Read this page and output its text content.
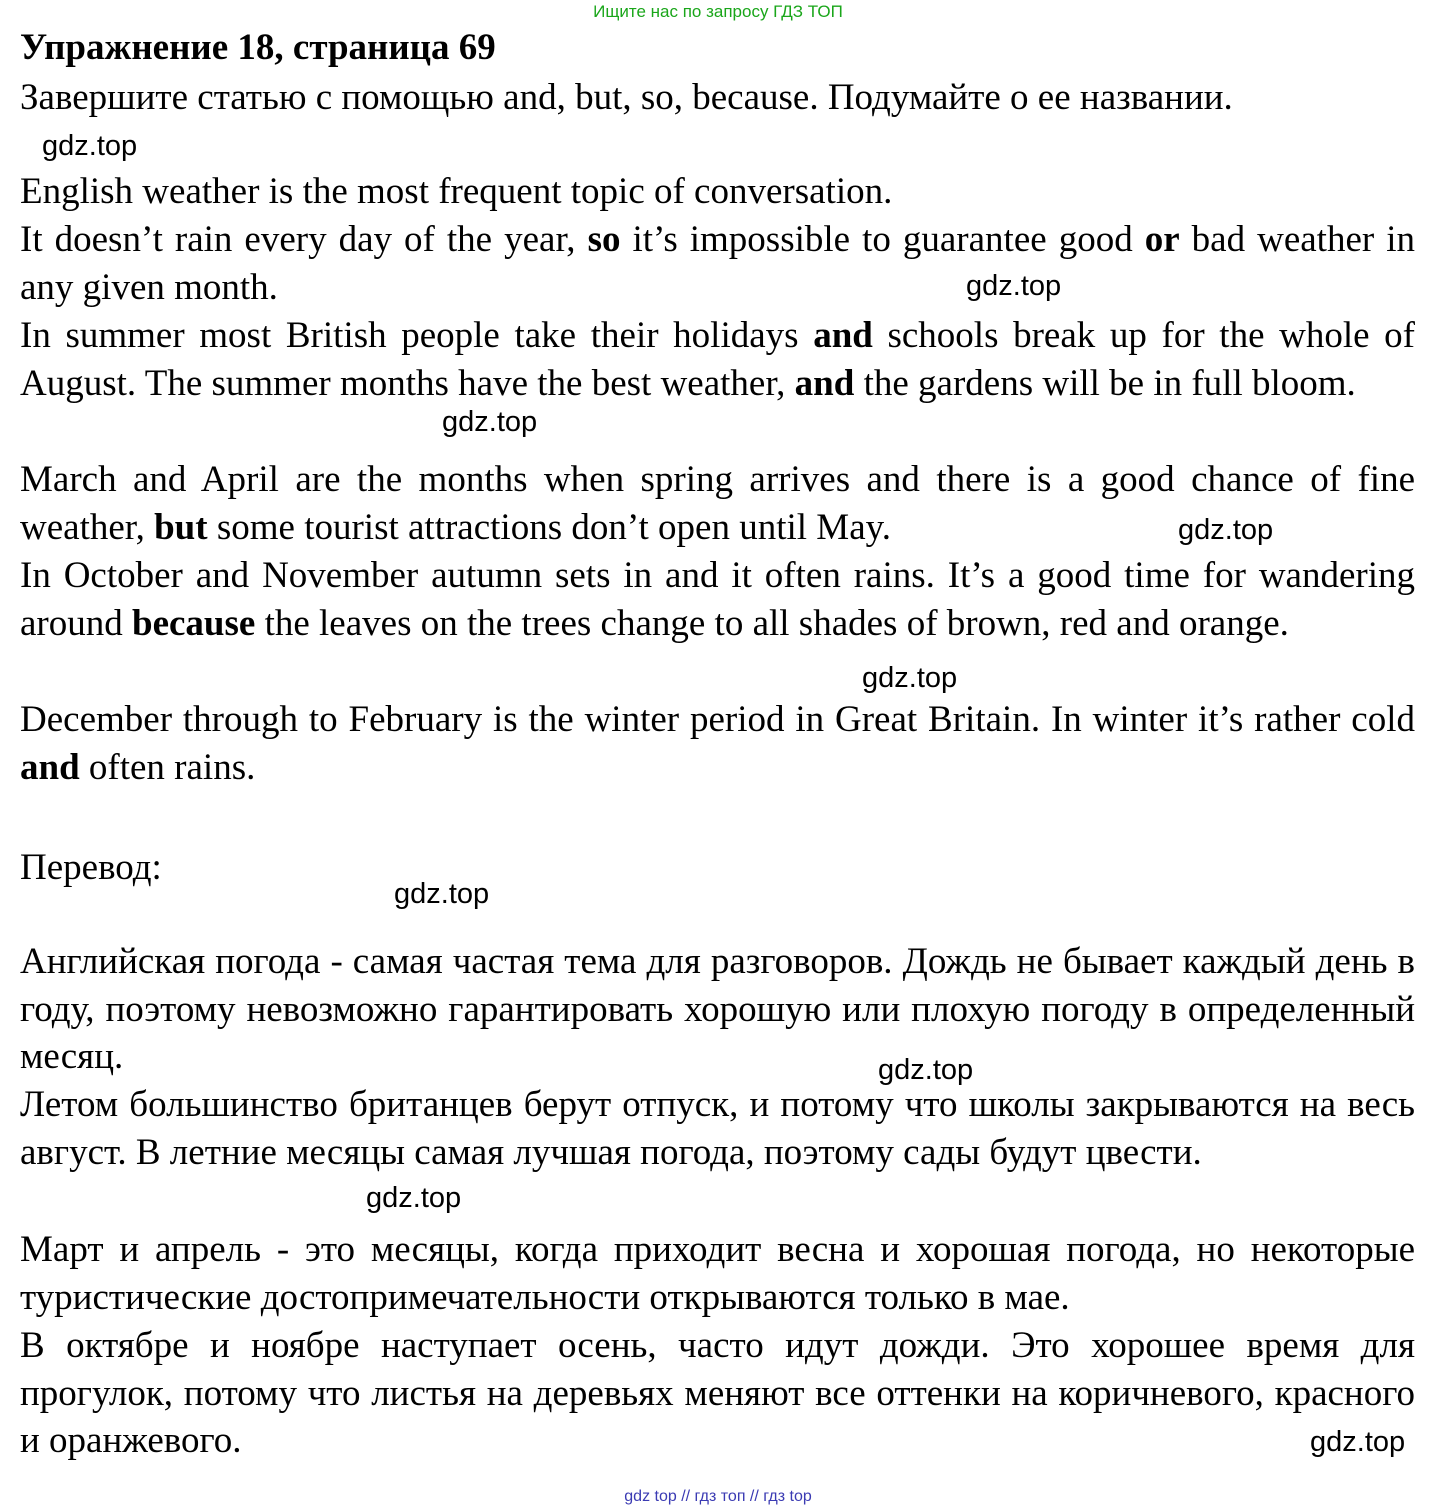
Ищите нас по запросу ГДЗ ТОП
Упражнение 18, страница 69
Завершите статью с помощью and, but, so, because. Подумайте о ее названии.

English weather is the most frequent topic of conversation.

It doesn’t rain every day of the year, so it’s impossible to guarantee good or bad weather in any given month.

In summer most British people take their holidays and schools break up for the whole of August. The summer months have the best weather, and the gardens will be in full bloom.

March and April are the months when spring arrives and there is a good chance of fine weather, but some tourist attractions don’t open until May.

In October and November autumn sets in and it often rains. It’s a good time for wandering around because the leaves on the trees change to all shades of brown, red and orange.

December through to February is the winter period in Great Britain. In winter it’s rather cold and often rains.

Перевод:

Английская погода - самая частая тема для разговоров. Дождь не бывает каждый день в году, поэтому невозможно гарантировать хорошую или плохую погоду в определенный месяц.

Летом большинство британцев берут отпуск, и потому что школы закрываются на весь август. В летние месяцы самая лучшая погода, поэтому сады будут цвести.

Март и апрель - это месяцы, когда приходит весна и хорошая погода, но некоторые туристические достопримечательности открываются только в мае.

В октябре и ноябре наступает осень, часто идут дожди. Это хорошее время для прогулок, потому что листья на деревьях меняют все оттенки на коричневого, красного и оранжевого.

gdz.top
gdz.top
gdz.top
gdz.top
gdz.top
gdz.top
gdz.top
gdz.top
gdz.top
gdz top // гдз топ // гдз top
